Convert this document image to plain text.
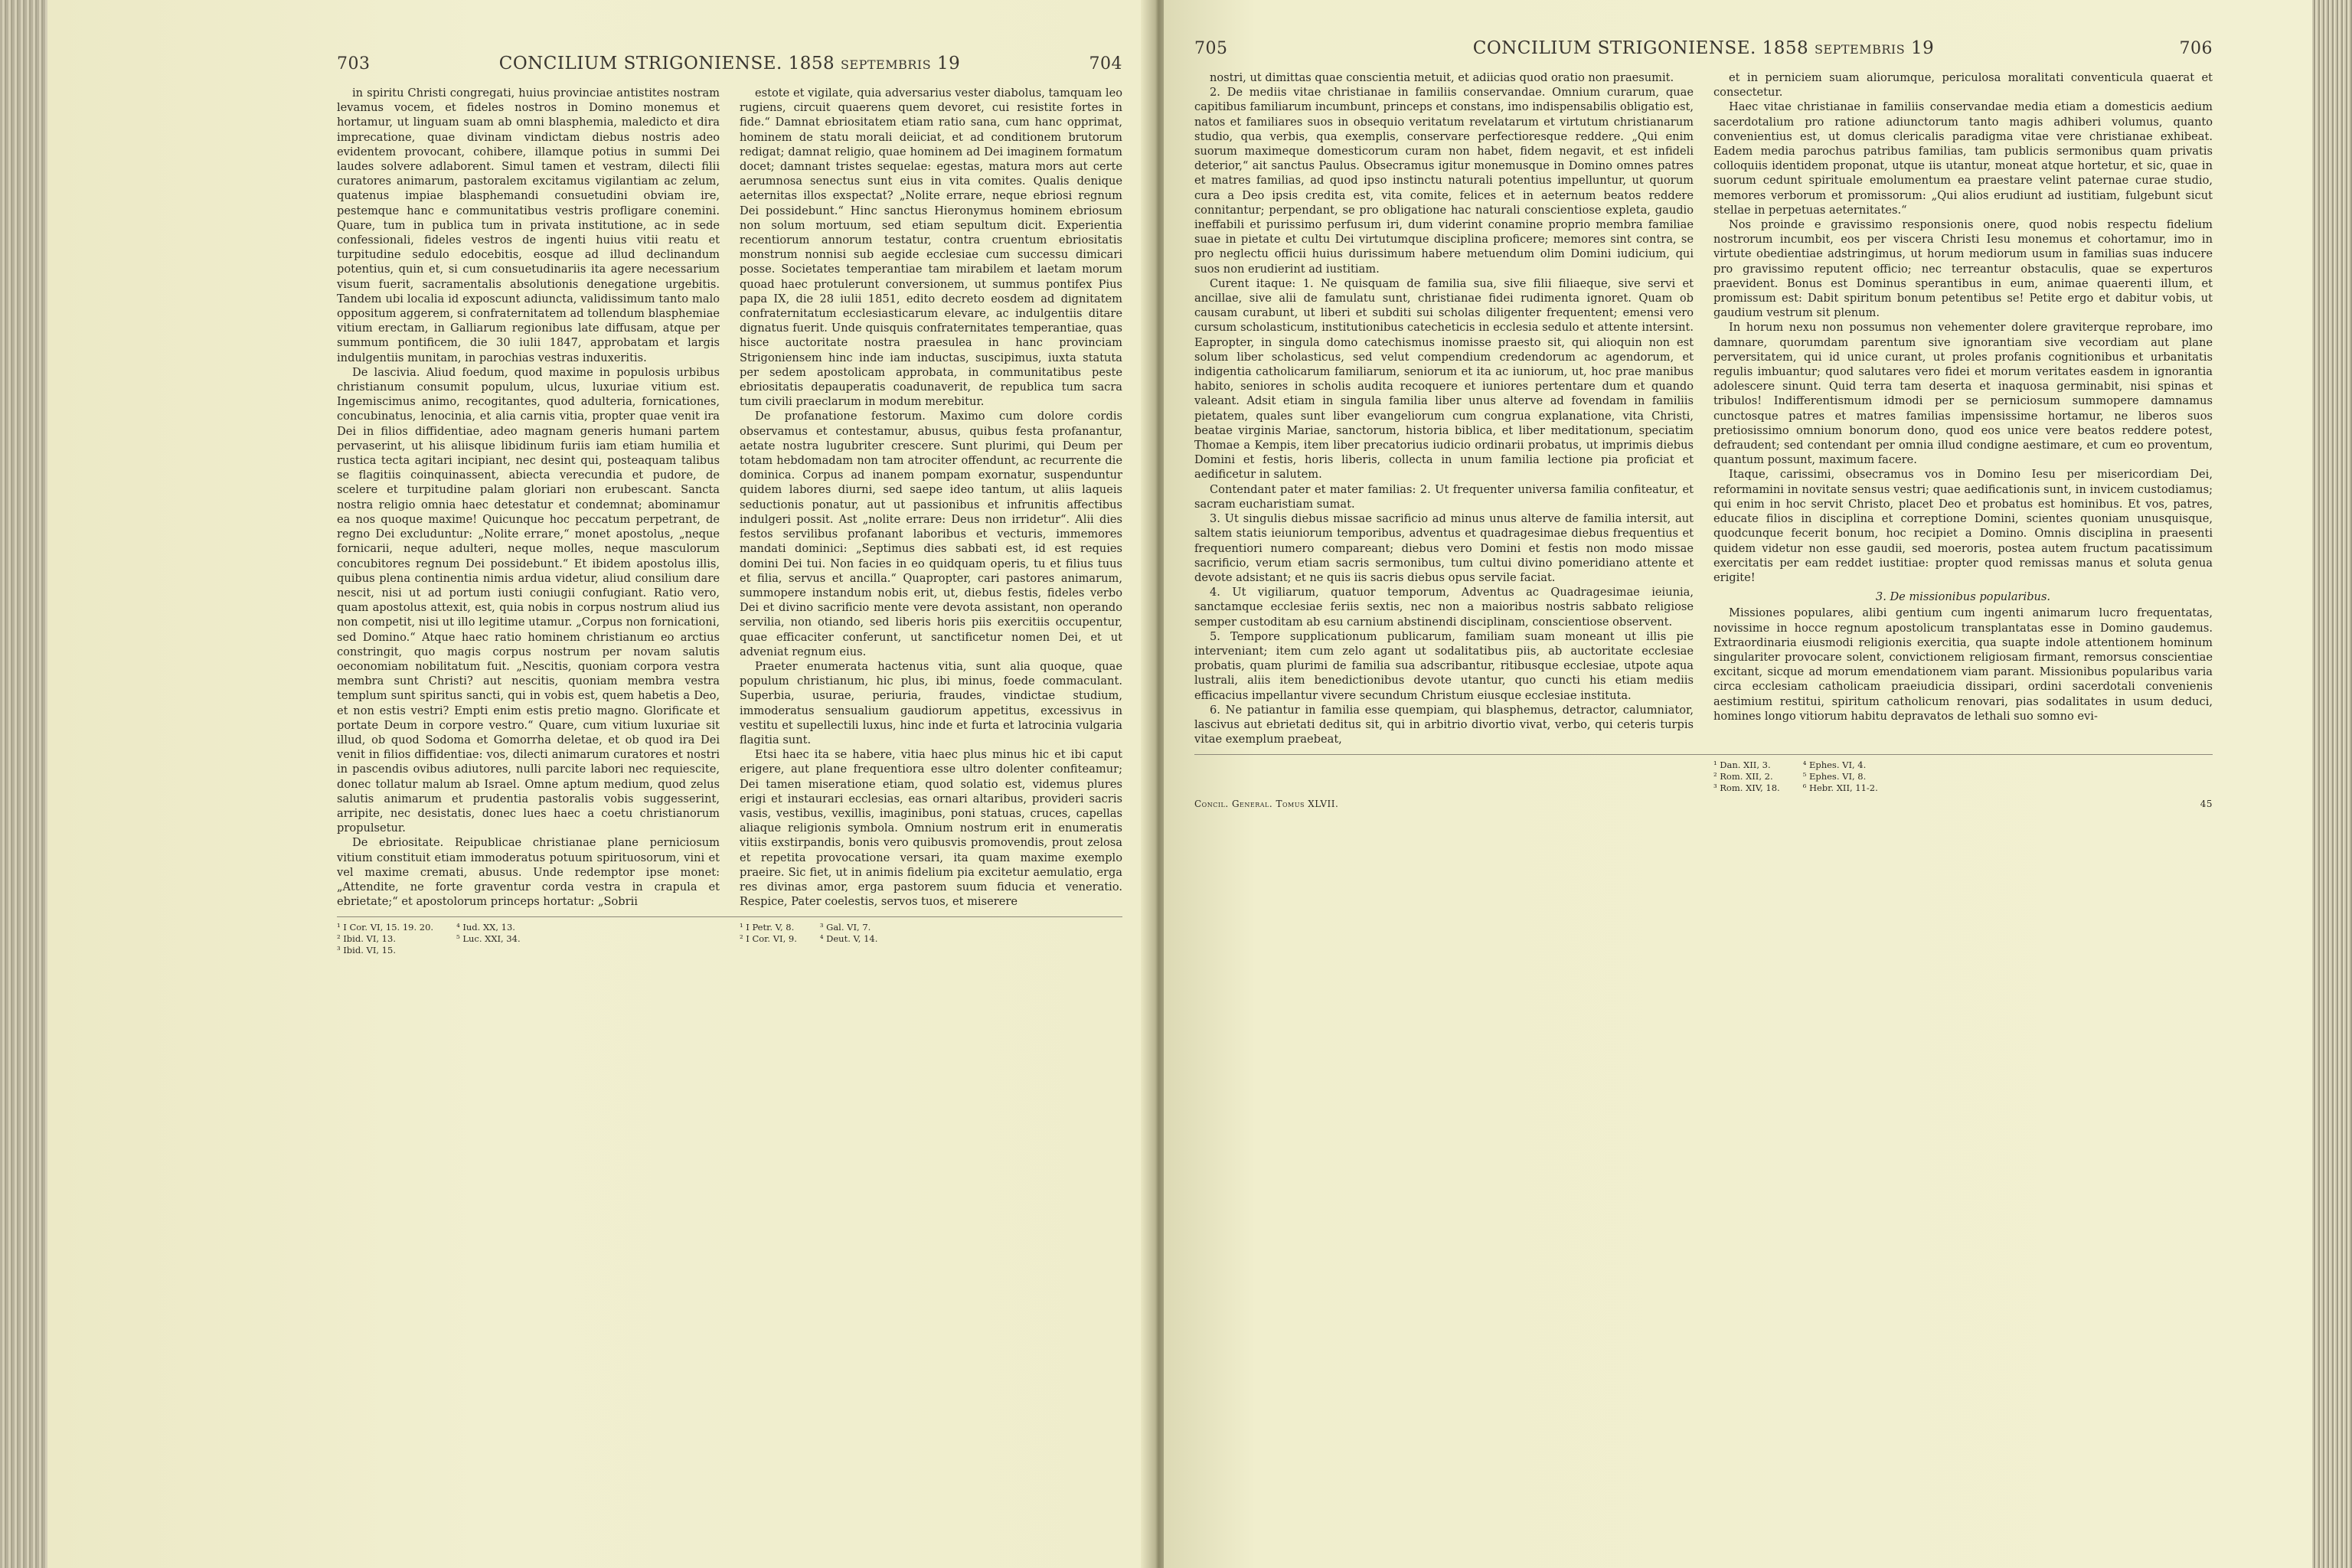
703	CONCILIUM STRIGONIENSE. 1858 septembris 19	704

in spiritu Christi congregati, huius provinciae antistites nostram levamus vocem, et fideles nostros in Domino monemus et hortamur, ut linguam suam ab omni blasphemia, maledicto et dira imprecatione, quae divinam vindictam diebus nostris adeo evidentem provocant, cohibere, illamque potius in summi Dei laudes solvere adlaborent. Simul tamen et vestram, dilecti filii curatores animarum, pastoralem excitamus vigilantiam ac zelum, quatenus impiae blasphemandi consuetudini obviam ire, pestemque hanc e communitatibus vestris profligare conemini. Quare, tum in publica tum in privata institutione, ac in sede confessionali, fideles vestros de ingenti huius vitii reatu et turpitudine sedulo edocebitis, eosque ad illud declinandum potentius, quin et, si cum consuetudinariis ita agere necessarium visum fuerit, sacramentalis absolutionis denegatione urgebitis. Tandem ubi localia id exposcunt adiuncta, validissimum tanto malo oppositum aggerem, si confraternitatem ad tollendum blasphemiae vitium erectam, in Galliarum regionibus late diffusam, atque per summum pontificem, die 30 iulii 1847, approbatam et largis indulgentiis munitam, in parochias vestras induxeritis.

De lascivia. Aliud foedum, quod maxime in populosis urbibus christianum consumit populum, ulcus, luxuriae vitium est. Ingemiscimus animo, recogitantes, quod adulteria, fornicationes, concubinatus, lenocinia, et alia carnis vitia, propter quae venit ira Dei in filios diffidentiae, adeo magnam generis humani partem pervaserint, ut his aliisque libidinum furiis iam etiam humilia et rustica tecta agitari incipiant, nec desint qui, posteaquam talibus se flagitiis coinquinassent, abiecta verecundia et pudore, de scelere et turpitudine palam gloriari non erubescant. Sancta nostra religio omnia haec detestatur et condemnat; abominamur ea nos quoque maxime! Quicunque hoc peccatum perpetrant, de regno Dei excluduntur: „Nolite errare,“ monet apostolus, „neque fornicarii, neque adulteri, neque molles, neque masculorum concubitores regnum Dei possidebunt.“ Et ibidem apostolus illis, quibus plena continentia nimis ardua videtur, aliud consilium dare nescit, nisi ut ad portum iusti coniugii confugiant. Ratio vero, quam apostolus attexit, est, quia nobis in corpus nostrum aliud ius non competit, nisi ut illo legitime utamur. „Corpus non fornicationi, sed Domino.“ Atque haec ratio hominem christianum eo arctius constringit, quo magis corpus nostrum per novam salutis oeconomiam nobilitatum fuit. „Nescitis, quoniam corpora vestra membra sunt Christi? aut nescitis, quoniam membra vestra templum sunt spiritus sancti, qui in vobis est, quem habetis a Deo, et non estis vestri? Empti enim estis pretio magno. Glorificate et portate Deum in corpore vestro.“ Quare, cum vitium luxuriae sit illud, ob quod Sodoma et Gomorrha deletae, et ob quod ira Dei venit in filios diffidentiae: vos, dilecti animarum curatores et nostri in pascendis ovibus adiutores, nulli parcite labori nec requiescite, donec tollatur malum ab Israel. Omne aptum medium, quod zelus salutis animarum et prudentia pastoralis vobis suggesserint, arripite, nec desistatis, donec lues haec a coetu christianorum propulsetur.

De ebriositate. Reipublicae christianae plane perniciosum vitium constituit etiam immoderatus potuum spirituosorum, vini et vel maxime cremati, abusus. Unde redemptor ipse monet: „Attendite, ne forte graventur corda vestra in crapula et ebrietate;“ et apostolorum princeps hortatur: „Sobrii

estote et vigilate, quia adversarius vester diabolus, tamquam leo rugiens, circuit quaerens quem devoret, cui resistite fortes in fide.“ Damnat ebriositatem etiam ratio sana, cum hanc opprimat, hominem de statu morali deiiciat, et ad conditionem brutorum redigat; damnat religio, quae hominem ad Dei imaginem formatum docet; damnant tristes sequelae: egestas, matura mors aut certe aerumnosa senectus sunt eius in vita comites. Qualis denique aeternitas illos exspectat? „Nolite errare, neque ebriosi regnum Dei possidebunt.“ Hinc sanctus Hieronymus hominem ebriosum non solum mortuum, sed etiam sepultum dicit. Experientia recentiorum annorum testatur, contra cruentum ebriositatis monstrum nonnisi sub aegide ecclesiae cum successu dimicari posse. Societates temperantiae tam mirabilem et laetam morum quoad haec protulerunt conversionem, ut summus pontifex Pius papa IX, die 28 iulii 1851, edito decreto eosdem ad dignitatem confraternitatum ecclesiasticarum elevare, ac indulgentiis ditare dignatus fuerit. Unde quisquis confraternitates temperantiae, quas hisce auctoritate nostra praesulea in hanc provinciam Strigoniensem hinc inde iam inductas, suscipimus, iuxta statuta per sedem apostolicam approbata, in communitatibus peste ebriositatis depauperatis coadunaverit, de republica tum sacra tum civili praeclarum in modum merebitur.

De profanatione festorum. Maximo cum dolore cordis observamus et contestamur, abusus, quibus festa profanantur, aetate nostra lugubriter crescere. Sunt plurimi, qui Deum per totam hebdomadam non tam atrociter offendunt, ac recurrente die dominica. Corpus ad inanem pompam exornatur, suspenduntur quidem labores diurni, sed saepe ideo tantum, ut aliis laqueis seductionis ponatur, aut ut passionibus et infrunitis affectibus indulgeri possit. Ast „nolite errare: Deus non irridetur“. Alii dies festos servilibus profanant laboribus et vecturis, immemores mandati dominici: „Septimus dies sabbati est, id est requies domini Dei tui. Non facies in eo quidquam operis, tu et filius tuus et filia, servus et ancilla.“ Quapropter, cari pastores animarum, summopere instandum nobis erit, ut, diebus festis, fideles verbo Dei et divino sacrificio mente vere devota assistant, non operando servilia, non otiando, sed liberis horis piis exercitiis occupentur, quae efficaciter conferunt, ut sanctificetur nomen Dei, et ut adveniat regnum eius.

Praeter enumerata hactenus vitia, sunt alia quoque, quae populum christianum, hic plus, ibi minus, foede commaculant. Superbia, usurae, periuria, fraudes, vindictae studium, immoderatus sensualium gaudiorum appetitus, excessivus in vestitu et supellectili luxus, hinc inde et furta et latrocinia vulgaria flagitia sunt.

Etsi haec ita se habere, vitia haec plus minus hic et ibi caput erigere, aut plane frequentiora esse ultro dolenter confiteamur; Dei tamen miseratione etiam, quod solatio est, videmus plures erigi et instaurari ecclesias, eas ornari altaribus, provideri sacris vasis, vestibus, vexillis, imaginibus, poni statuas, cruces, capellas aliaque religionis symbola. Omnium nostrum erit in enumeratis vitiis exstirpandis, bonis vero quibusvis promovendis, prout zelosa et repetita provocatione versari, ita quam maxime exemplo praeire. Sic fiet, ut in animis fidelium pia excitetur aemulatio, erga res divinas amor, erga pastorem suum fiducia et veneratio. Respice, Pater coelestis, servos tuos, et miserere

¹ I Cor. VI, 15. 19. 20.
² Ibid. VI, 13.
³ Ibid. VI, 15.
⁴ Iud. XX, 13.
⁵ Luc. XXI, 34.
¹ I Petr. V, 8.
² I Cor. VI, 9.
³ Gal. VI, 7.
⁴ Deut. V, 14.
705	CONCILIUM STRIGONIENSE. 1858 septembris 19	706

nostri, ut dimittas quae conscientia metuit, et adiicias quod oratio non praesumit.

2. De mediis vitae christianae in familiis conservandae. Omnium curarum, quae capitibus familiarum incumbunt, princeps et constans, imo indispensabilis obligatio est, natos et familiares suos in obsequio veritatum revelatarum et virtutum christianarum studio, qua verbis, qua exemplis, conservare perfectioresque reddere. „Qui enim suorum maximeque domesticorum curam non habet, fidem negavit, et est infideli deterior,“ ait sanctus Paulus. Obsecramus igitur monemusque in Domino omnes patres et matres familias, ad quod ipso instinctu naturali potentius impelluntur, ut quorum cura a Deo ipsis credita est, vita comite, felices et in aeternum beatos reddere connitantur; perpendant, se pro obligatione hac naturali conscientiose expleta, gaudio ineffabili et purissimo perfusum iri, dum viderint conamine proprio membra familiae suae in pietate et cultu Dei virtutumque disciplina proficere; memores sint contra, se pro neglectu officii huius durissimum habere metuendum olim Domini iudicium, qui suos non erudierint ad iustitiam.

Curent itaque: 1. Ne quisquam de familia sua, sive filii filiaeque, sive servi et ancillae, sive alii de famulatu sunt, christianae fidei rudimenta ignoret. Quam ob causam curabunt, ut liberi et subditi sui scholas diligenter frequentent; emensi vero cursum scholasticum, institutionibus catecheticis in ecclesia sedulo et attente intersint. Eapropter, in singula domo catechismus inomisse praesto sit, qui alioquin non est solum liber scholasticus, sed velut compendium credendorum ac agendorum, et indigentia catholicarum familiarum, seniorum et ita ac iuniorum, ut, hoc prae manibus habito, seniores in scholis audita recoquere et iuniores pertentare dum et quando valeant. Adsit etiam in singula familia liber unus alterve ad fovendam in familiis pietatem, quales sunt liber evangeliorum cum congrua explanatione, vita Christi, beatae virginis Mariae, sanctorum, historia biblica, et liber meditationum, speciatim Thomae a Kempis, item liber precatorius iudicio ordinarii probatus, ut imprimis diebus Domini et festis, horis liberis, collecta in unum familia lectione pia proficiat et aedificetur in salutem.

Contendant pater et mater familias: 2. Ut frequenter universa familia confiteatur, et sacram eucharistiam sumat.

3. Ut singulis diebus missae sacrificio ad minus unus alterve de familia intersit, aut saltem statis ieiuniorum temporibus, adventus et quadragesimae diebus frequentius et frequentiori numero compareant; diebus vero Domini et festis non modo missae sacrificio, verum etiam sacris sermonibus, tum cultui divino pomeridiano attente et devote adsistant; et ne quis iis sacris diebus opus servile faciat.

4. Ut vigiliarum, quatuor temporum, Adventus ac Quadragesimae ieiunia, sanctamque ecclesiae feriis sextis, nec non a maioribus nostris sabbato religiose semper custoditam ab esu carnium abstinendi disciplinam, conscientiose observent.

5. Tempore supplicationum publicarum, familiam suam moneant ut illis pie interveniant; item cum zelo agant ut sodalitatibus piis, ab auctoritate ecclesiae probatis, quam plurimi de familia sua adscribantur, ritibusque ecclesiae, utpote aqua lustrali, aliis item benedictionibus devote utantur, quo cuncti his etiam mediis efficacius impellantur vivere secundum Christum eiusque ecclesiae instituta.

6. Ne patiantur in familia esse quempiam, qui blasphemus, detractor, calumniator, lascivus aut ebrietati deditus sit, qui in arbitrio divortio vivat, verbo, qui ceteris turpis vitae exemplum praebeat,

et in perniciem suam aliorumque, periculosa moralitati conventicula quaerat et consectetur.

Haec vitae christianae in familiis conservandae media etiam a domesticis aedium sacerdotalium pro ratione adiunctorum tanto magis adhiberi volumus, quanto convenientius est, ut domus clericalis paradigma vitae vere christianae exhibeat. Eadem media parochus patribus familias, tam publicis sermonibus quam privatis colloquiis identidem proponat, utque iis utantur, moneat atque hortetur, et sic, quae in suorum cedunt spirituale emolumentum ea praestare velint paternae curae studio, memores verborum et promissorum: „Qui alios erudiunt ad iustitiam, fulgebunt sicut stellae in perpetuas aeternitates.“

Nos proinde e gravissimo responsionis onere, quod nobis respectu fidelium nostrorum incumbit, eos per viscera Christi Iesu monemus et cohortamur, imo in virtute obedientiae adstringimus, ut horum mediorum usum in familias suas inducere pro gravissimo reputent officio; nec terreantur obstaculis, quae se experturos praevident. Bonus est Dominus sperantibus in eum, animae quaerenti illum, et promissum est: Dabit spiritum bonum petentibus se! Petite ergo et dabitur vobis, ut gaudium vestrum sit plenum.

In horum nexu non possumus non vehementer dolere graviterque reprobare, imo damnare, quorumdam parentum sive ignorantiam sive vecordiam aut plane perversitatem, qui id unice curant, ut proles profanis cognitionibus et urbanitatis regulis imbuantur; quod salutares vero fidei et morum veritates easdem in ignorantia adolescere sinunt. Quid terra tam deserta et inaquosa germinabit, nisi spinas et tribulos! Indifferentismum idmodi per se perniciosum summopere damnamus cunctosque patres et matres familias impensissime hortamur, ne liberos suos pretiosissimo omnium bonorum dono, quod eos unice vere beatos reddere potest, defraudent; sed contendant per omnia illud condigne aestimare, et cum eo proventum, quantum possunt, maximum facere.

Itaque, carissimi, obsecramus vos in Domino Iesu per misericordiam Dei, reformamini in novitate sensus vestri; quae aedificationis sunt, in invicem custodiamus; qui enim in hoc servit Christo, placet Deo et probatus est hominibus. Et vos, patres, educate filios in disciplina et correptione Domini, scientes quoniam unusquisque, quodcunque fecerit bonum, hoc recipiet a Domino. Omnis disciplina in praesenti quidem videtur non esse gaudii, sed moeroris, postea autem fructum pacatissimum exercitatis per eam reddet iustitiae: propter quod remissas manus et soluta genua erigite!

3. De missionibus popularibus.

Missiones populares, alibi gentium cum ingenti animarum lucro frequentatas, novissime in hocce regnum apostolicum transplantatas esse in Domino gaudemus. Extraordinaria eiusmodi religionis exercitia, qua suapte indole attentionem hominum singulariter provocare solent, convictionem religiosam firmant, remorsus conscientiae excitant, sicque ad morum emendationem viam parant. Missionibus popularibus varia circa ecclesiam catholicam praeiudicia dissipari, ordini sacerdotali convenienis aestimium restitui, spiritum catholicum renovari, pias sodalitates in usum deduci, homines longo vitiorum habitu depravatos de lethali suo somno evi-

¹ Dan. XII, 3.
² Rom. XII, 2.
³ Rom. XIV, 18.
⁴ Ephes. VI, 4.
⁵ Ephes. VI, 8.
⁶ Hebr. XII, 11-2.
Concil. General. Tomus XLVII.	45
